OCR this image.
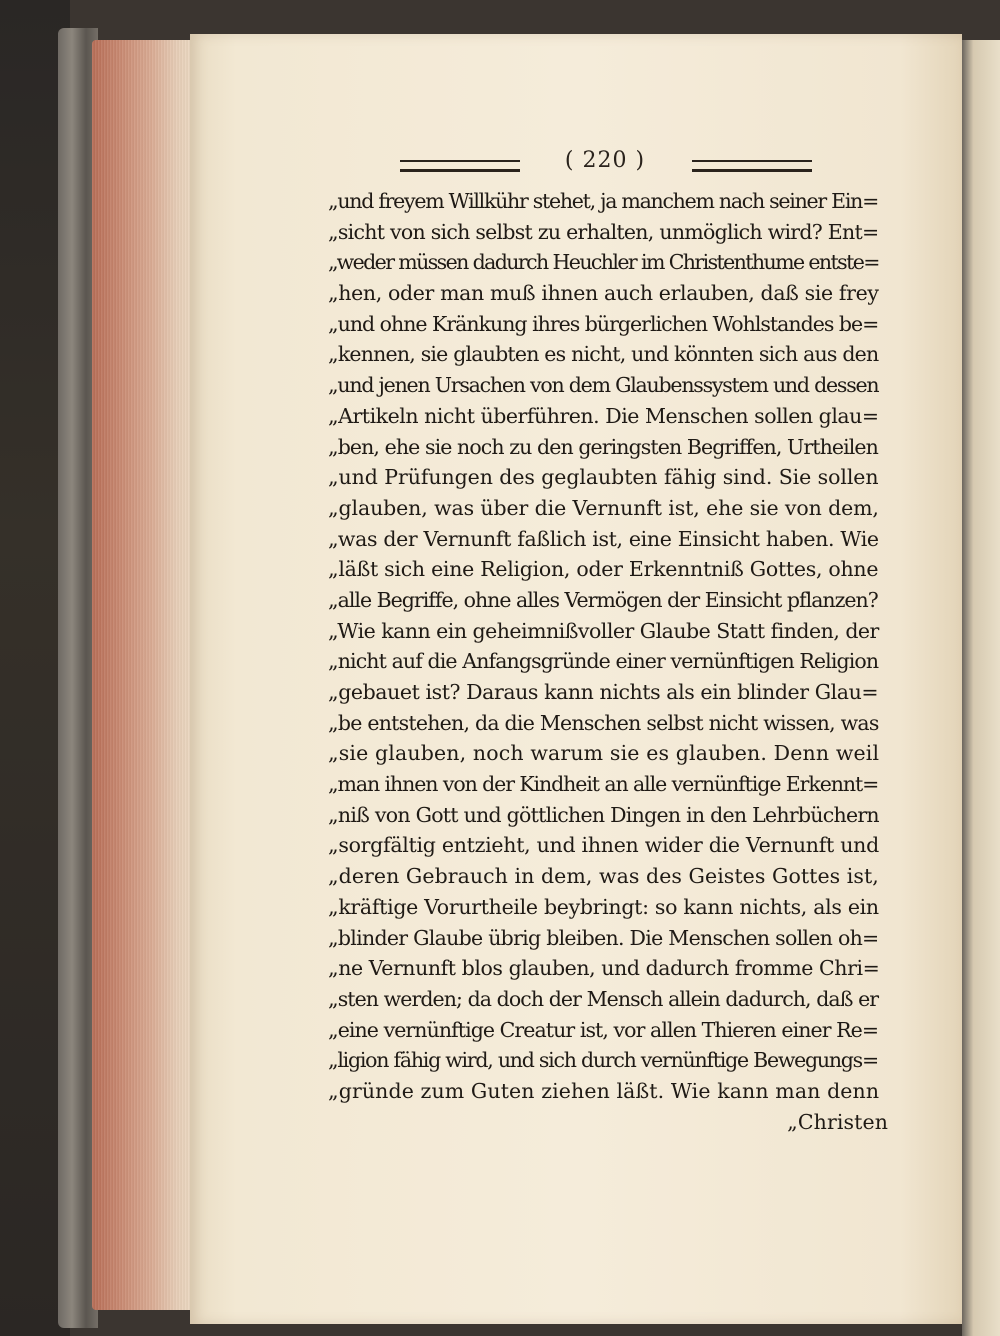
( 220 )
„und freyem Willkühr stehet, ja manchem nach seiner Ein=
„sicht von sich selbst zu erhalten, unmöglich wird? Ent=
„weder müssen dadurch Heuchler im Christenthume entste=
„hen, oder man muß ihnen auch erlauben, daß sie frey
„und ohne Kränkung ihres bürgerlichen Wohlstandes be=
„kennen, sie glaubten es nicht, und könnten sich aus den
„und jenen Ursachen von dem Glaubenssystem und dessen
„Artikeln nicht überführen. Die Menschen sollen glau=
„ben, ehe sie noch zu den geringsten Begriffen, Urtheilen
„und Prüfungen des geglaubten fähig sind. Sie sollen
„glauben, was über die Vernunft ist, ehe sie von dem,
„was der Vernunft faßlich ist, eine Einsicht haben. Wie
„läßt sich eine Religion, oder Erkenntniß Gottes, ohne
„alle Begriffe, ohne alles Vermögen der Einsicht pflanzen?
„Wie kann ein geheimnißvoller Glaube Statt finden, der
„nicht auf die Anfangsgründe einer vernünftigen Religion
„gebauet ist? Daraus kann nichts als ein blinder Glau=
„be entstehen, da die Menschen selbst nicht wissen, was
„sie glauben, noch warum sie es glauben. Denn weil
„man ihnen von der Kindheit an alle vernünftige Erkennt=
„niß von Gott und göttlichen Dingen in den Lehrbüchern
„sorgfältig entzieht, und ihnen wider die Vernunft und
„deren Gebrauch in dem, was des Geistes Gottes ist,
„kräftige Vorurtheile beybringt: so kann nichts, als ein
„blinder Glaube übrig bleiben. Die Menschen sollen oh=
„ne Vernunft blos glauben, und dadurch fromme Chri=
„sten werden; da doch der Mensch allein dadurch, daß er
„eine vernünftige Creatur ist, vor allen Thieren einer Re=
„ligion fähig wird, und sich durch vernünftige Bewegungs=
„gründe zum Guten ziehen läßt. Wie kann man denn
„Christen
